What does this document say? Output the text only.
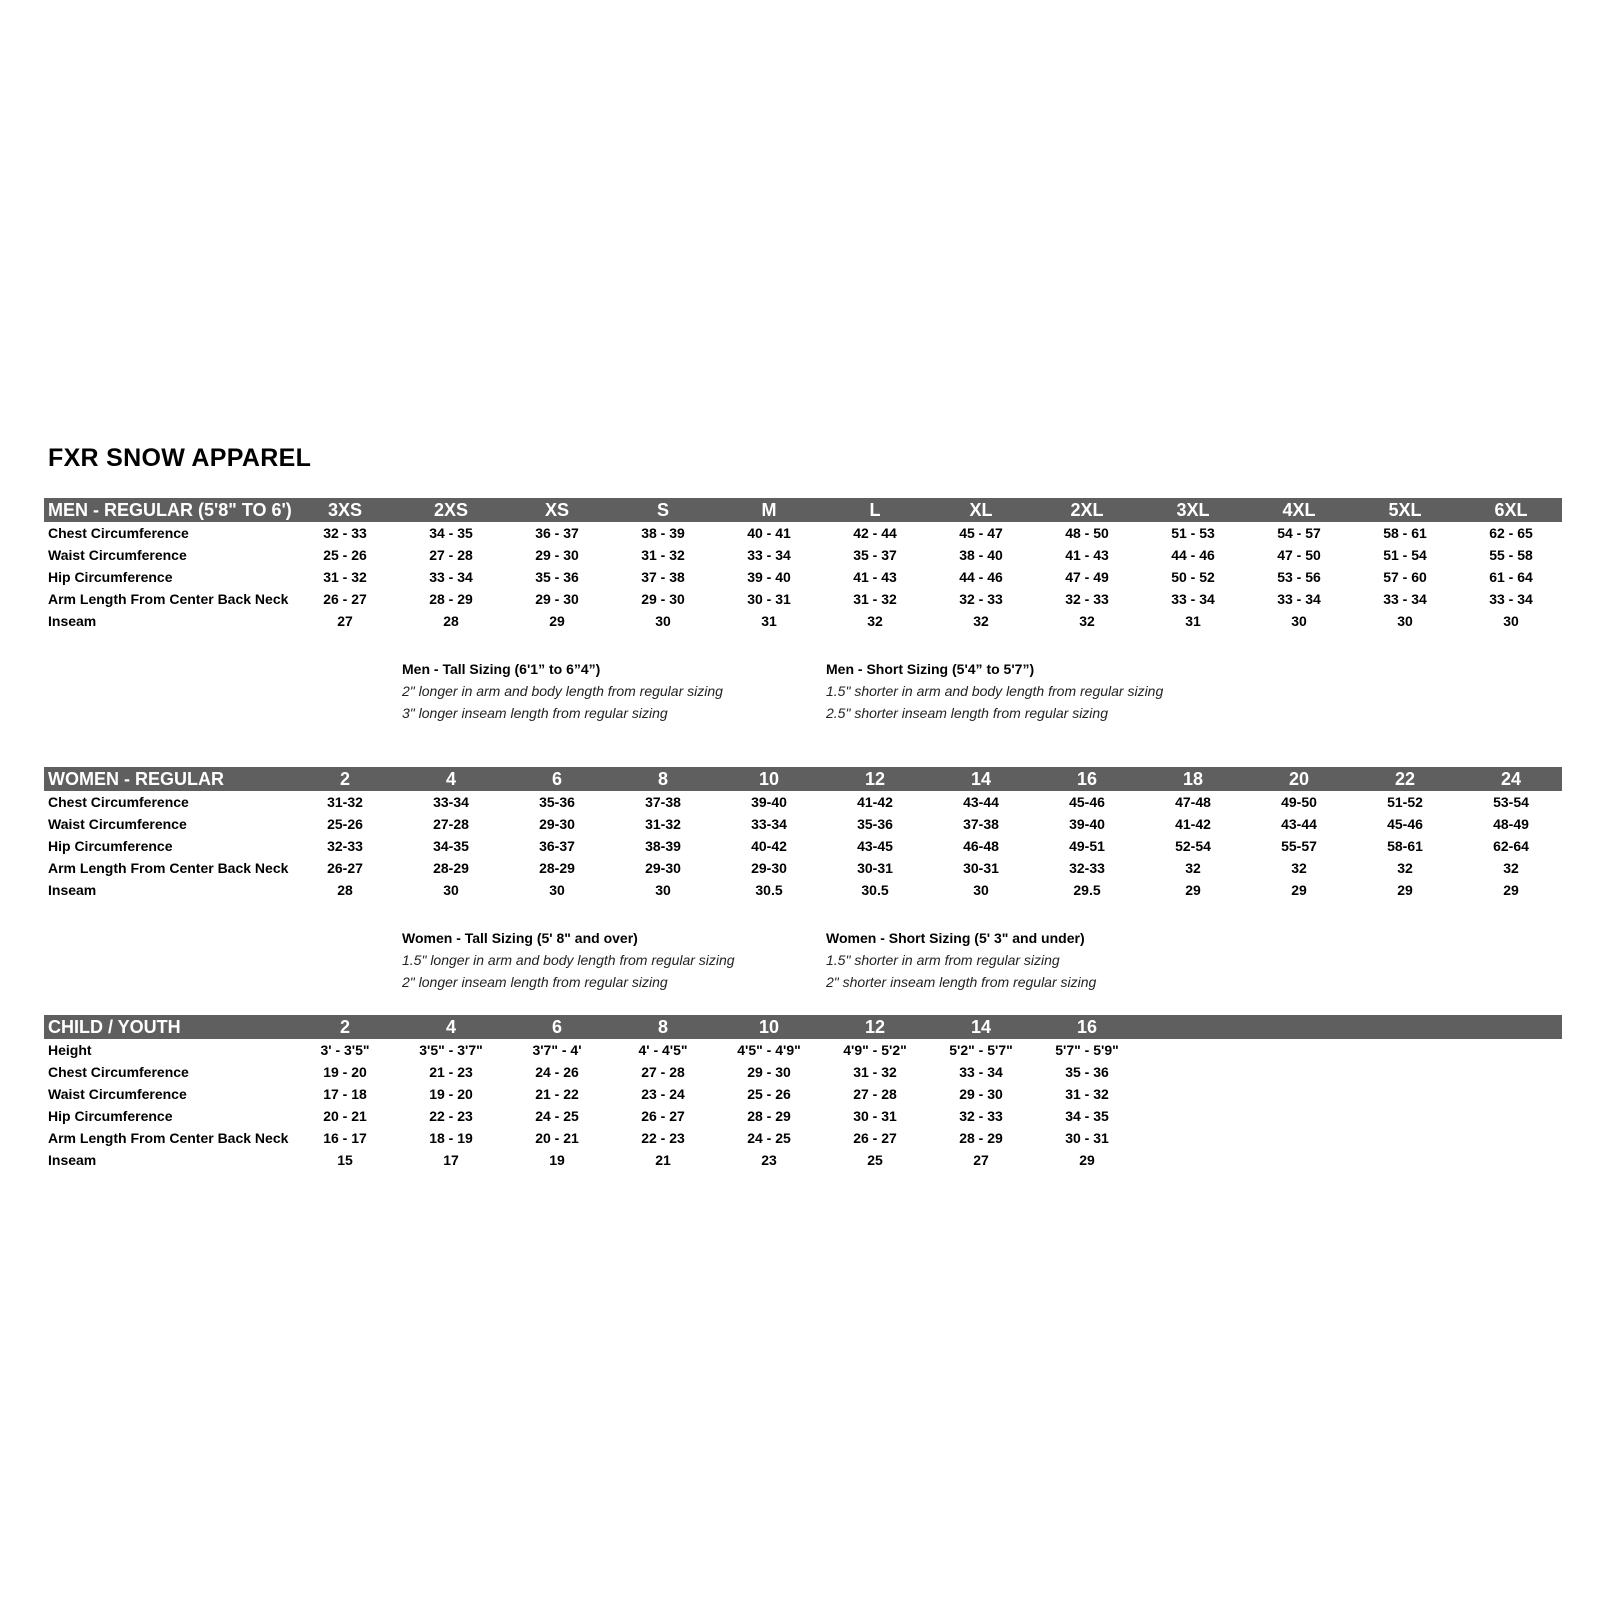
FXR SNOW APPAREL
MEN - REGULAR (5'8" TO 6')	3XS	2XS	XS	S	M	L	XL	2XL	3XL	4XL	5XL	6XL
Chest Circumference	32 - 33	34 - 35	36 - 37	38 - 39	40 - 41	42 - 44	45 - 47	48 - 50	51 - 53	54 - 57	58 - 61	62 - 65
Waist Circumference	25 - 26	27 - 28	29 - 30	31 - 32	33 - 34	35 - 37	38 - 40	41 - 43	44 - 46	47 - 50	51 - 54	55 - 58
Hip Circumference	31 - 32	33 - 34	35 - 36	37 - 38	39 - 40	41 - 43	44 - 46	47 - 49	50 - 52	53 - 56	57 - 60	61 - 64
Arm Length From Center Back Neck	26 - 27	28 - 29	29 - 30	29 - 30	30 - 31	31 - 32	32 - 33	32 - 33	33 - 34	33 - 34	33 - 34	33 - 34
Inseam	27	28	29	30	31	32	32	32	31	30	30	30
Men - Tall Sizing (6'1” to 6”4”)
2" longer in arm and body length from regular sizing
3" longer inseam length from regular sizing
Men - Short Sizing (5'4” to 5'7”)
1.5" shorter in arm and body length from regular sizing
2.5" shorter inseam length from regular sizing
WOMEN - REGULAR	2	4	6	8	10	12	14	16	18	20	22	24
Chest Circumference	31-32	33-34	35-36	37-38	39-40	41-42	43-44	45-46	47-48	49-50	51-52	53-54
Waist Circumference	25-26	27-28	29-30	31-32	33-34	35-36	37-38	39-40	41-42	43-44	45-46	48-49
Hip Circumference	32-33	34-35	36-37	38-39	40-42	43-45	46-48	49-51	52-54	55-57	58-61	62-64
Arm Length From Center Back Neck	26-27	28-29	28-29	29-30	29-30	30-31	30-31	32-33	32	32	32	32
Inseam	28	30	30	30	30.5	30.5	30	29.5	29	29	29	29
Women - Tall Sizing (5' 8" and over)
1.5" longer in arm and body length from regular sizing
2" longer inseam length from regular sizing
Women - Short Sizing (5' 3" and under)
1.5" shorter in arm from regular sizing
2" shorter inseam length from regular sizing
CHILD / YOUTH	2	4	6	8	10	12	14	16
Height	3' - 3'5"	3'5" - 3'7"	3'7" - 4'	4' - 4'5"	4'5" - 4'9"	4'9" - 5'2"	5'2" - 5'7"	5'7" - 5'9"
Chest Circumference	19 - 20	21 - 23	24 - 26	27 - 28	29 - 30	31 - 32	33 - 34	35 - 36
Waist Circumference	17 - 18	19 - 20	21 - 22	23 - 24	25 - 26	27 - 28	29 - 30	31 - 32
Hip Circumference	20 - 21	22 - 23	24 - 25	26 - 27	28 - 29	30 - 31	32 - 33	34 - 35
Arm Length From Center Back Neck	16 - 17	18 - 19	20 - 21	22 - 23	24 - 25	26 - 27	28 - 29	30 - 31
Inseam	15	17	19	21	23	25	27	29
